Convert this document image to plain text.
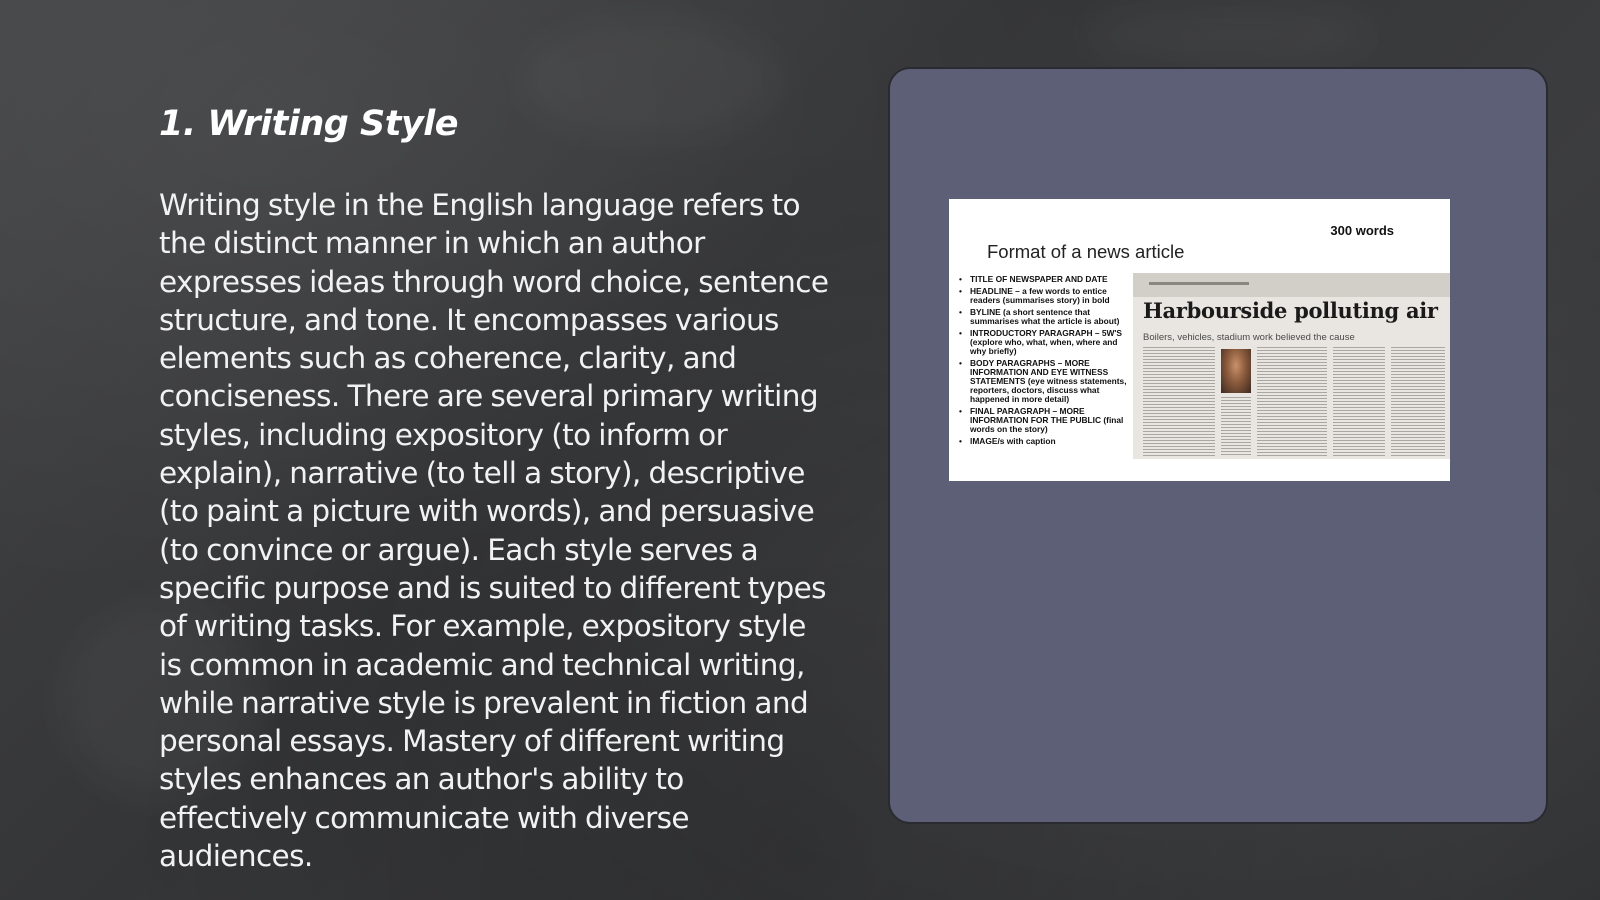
1. Writing Style

Writing style in the English language refers to the distinct manner in which an author expresses ideas through word choice, sentence structure, and tone. It encompasses various elements such as coherence, clarity, and conciseness. There are several primary writing styles, including expository (to inform or explain), narrative (to tell a story), descriptive (to paint a picture with words), and persuasive (to convince or argue). Each style serves a specific purpose and is suited to different types of writing tasks. For example, expository style is common in academic and technical writing, while narrative style is prevalent in fiction and personal essays. Mastery of different writing styles enhances an author's ability to effectively communicate with diverse audiences.

300 words
Format of a news article
• TITLE OF NEWSPAPER AND DATE
• HEADLINE – a few words to entice readers (summarises story) in bold
• BYLINE (a short sentence that summarises what the article is about)
• INTRODUCTORY PARAGRAPH – 5W'S (explore who, what, when, where and why briefly)
• BODY PARAGRAPHS – MORE INFORMATION AND EYE WITNESS STATEMENTS (eye witness statements, reporters, doctors, discuss what happened in more detail)
• FINAL PARAGRAPH – MORE INFORMATION FOR THE PUBLIC (final words on the story)
• IMAGE/s with caption
Harbourside polluting air
Boilers, vehicles, stadium work believed the cause
